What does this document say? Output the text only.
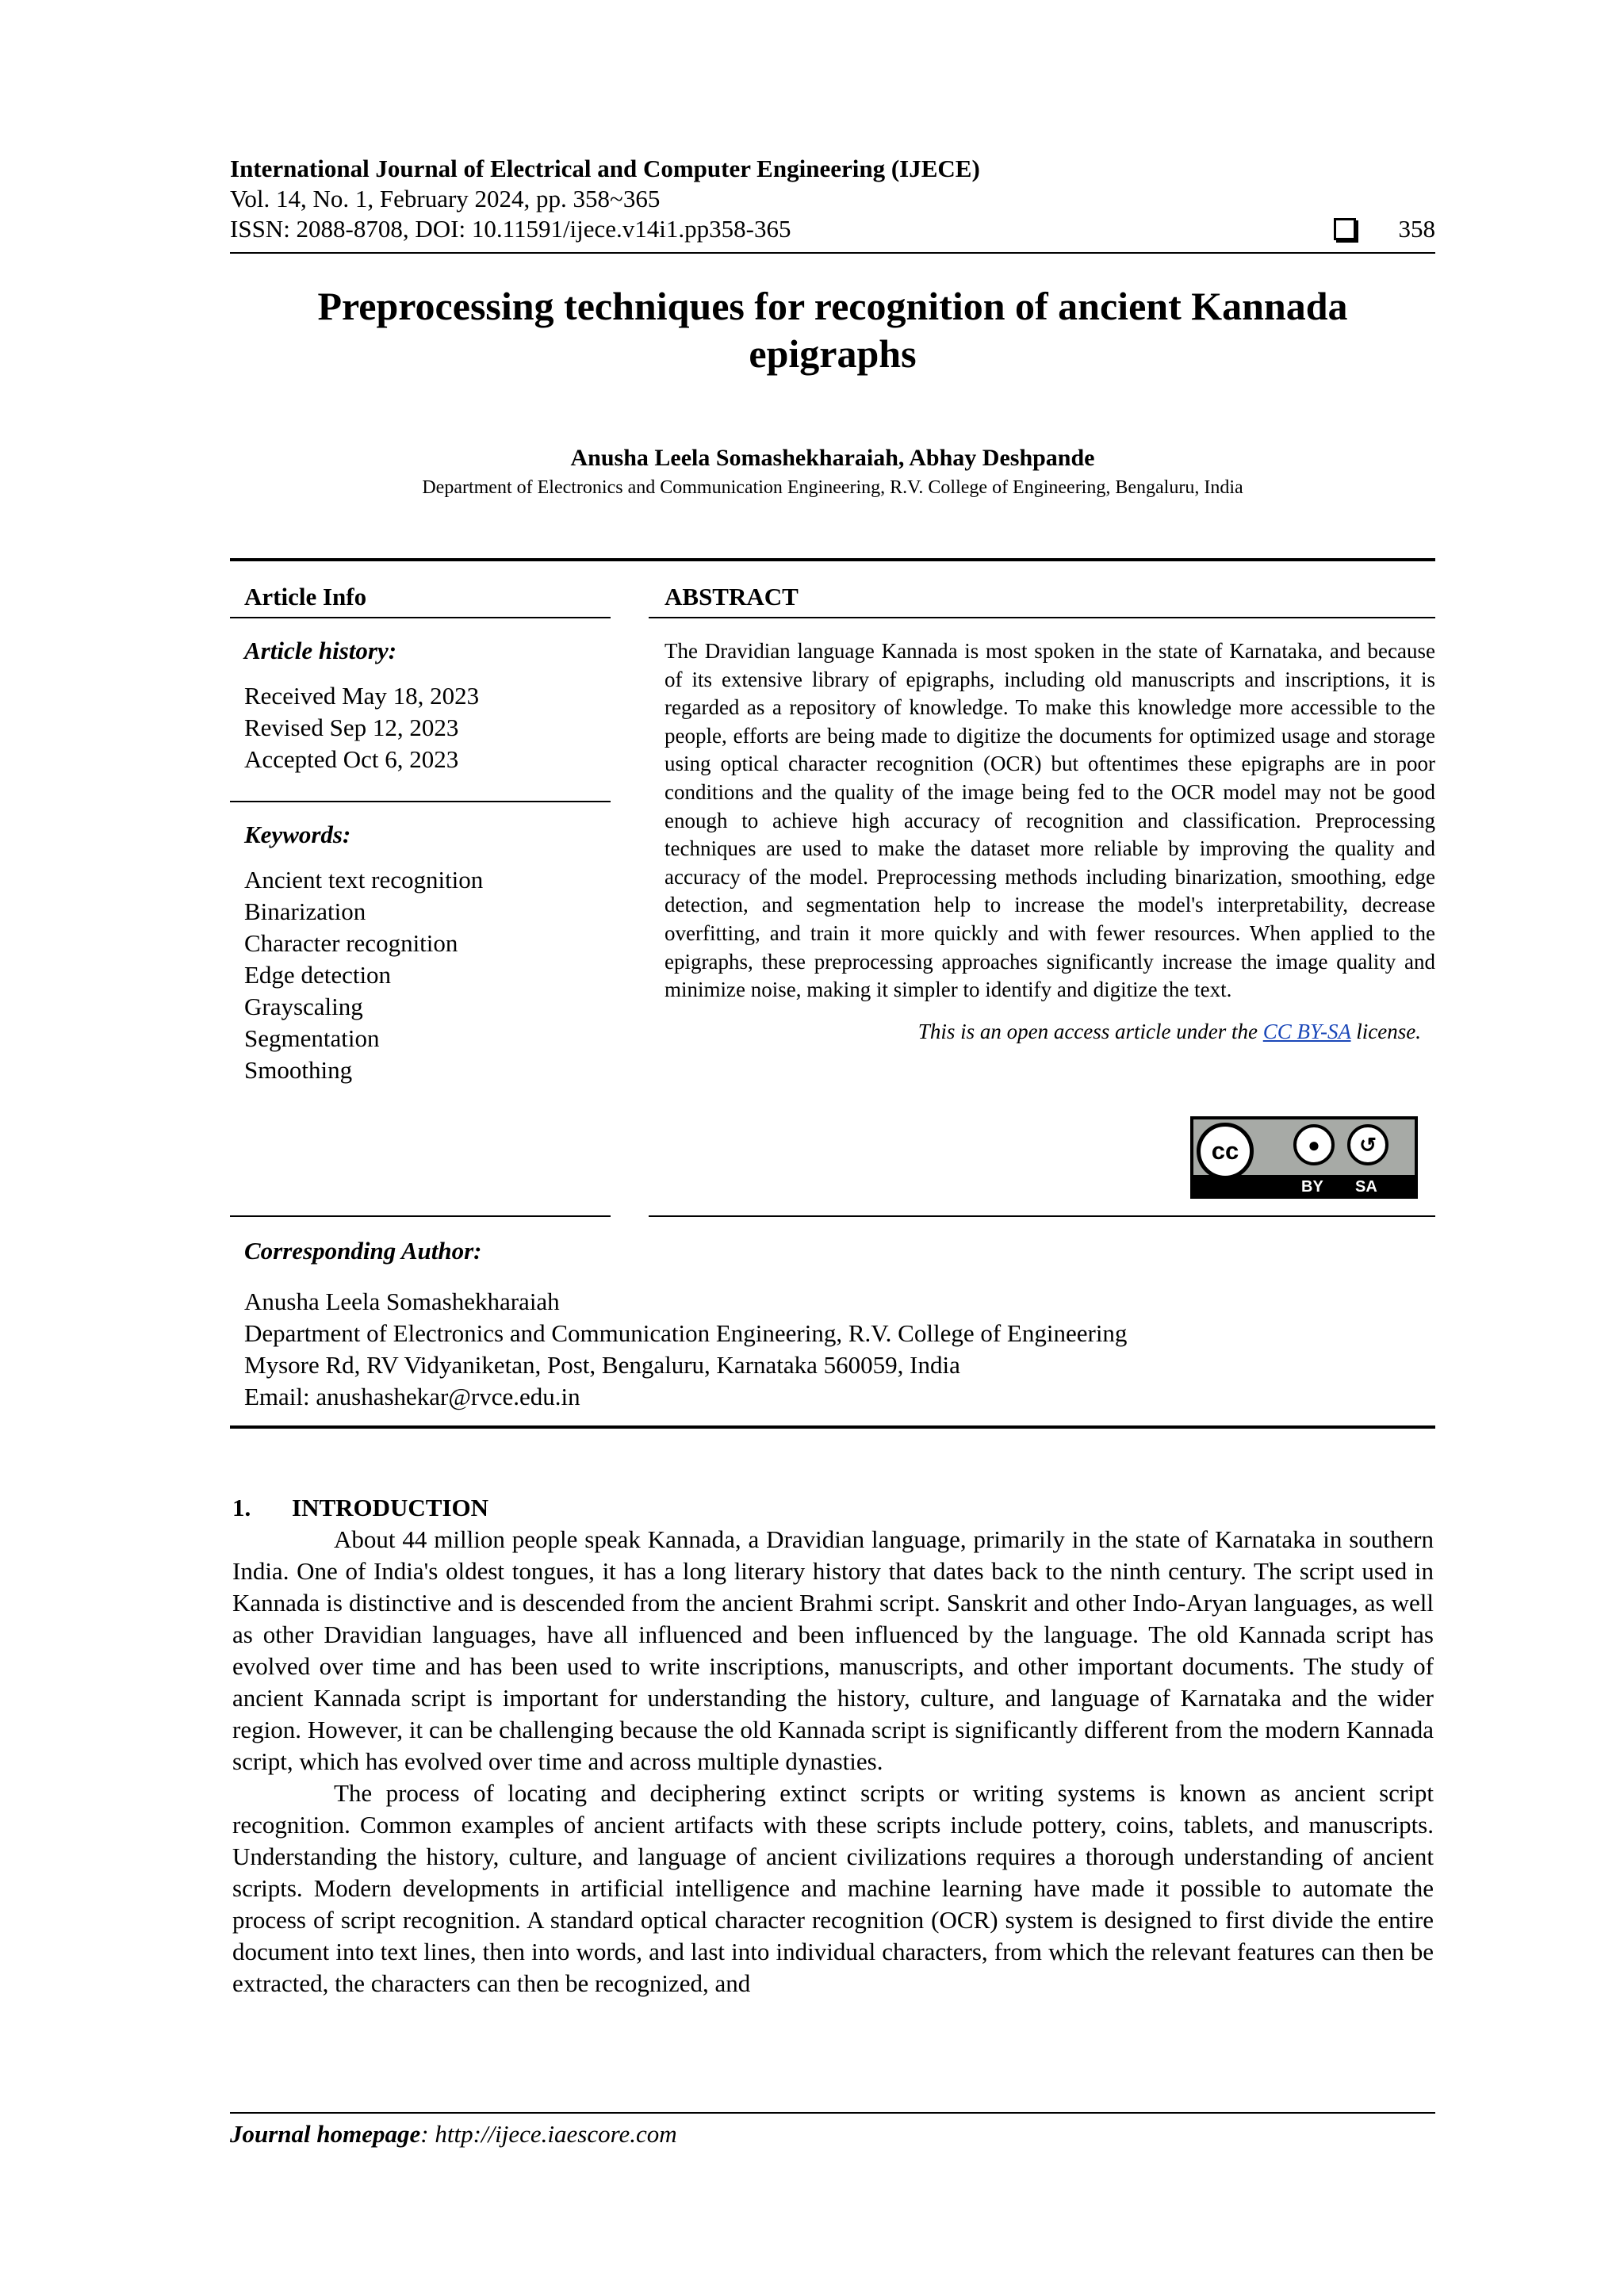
International Journal of Electrical and Computer Engineering (IJECE)
Vol. 14, No. 1, February 2024, pp. 358~365
ISSN: 2088-8708, DOI: 10.11591/ijece.v14i1.pp358-365	358
Preprocessing techniques for recognition of ancient Kannada epigraphs
Anusha Leela Somashekharaiah, Abhay Deshpande
Department of Electronics and Communication Engineering, R.V. College of Engineering, Bengaluru, India
Article Info
Article history:
Received May 18, 2023
Revised Sep 12, 2023
Accepted Oct 6, 2023
Keywords:
Ancient text recognition
Binarization
Character recognition
Edge detection
Grayscaling
Segmentation
Smoothing
ABSTRACT
The Dravidian language Kannada is most spoken in the state of Karnataka, and because of its extensive library of epigraphs, including old manuscripts and inscriptions, it is regarded as a repository of knowledge. To make this knowledge more accessible to the people, efforts are being made to digitize the documents for optimized usage and storage using optical character recognition (OCR) but oftentimes these epigraphs are in poor conditions and the quality of the image being fed to the OCR model may not be good enough to achieve high accuracy of recognition and classification. Preprocessing techniques are used to make the dataset more reliable by improving the quality and accuracy of the model. Preprocessing methods including binarization, smoothing, edge detection, and segmentation help to increase the model's interpretability, decrease overfitting, and train it more quickly and with fewer resources. When applied to the epigraphs, these preprocessing approaches significantly increase the image quality and minimize noise, making it simpler to identify and digitize the text.
This is an open access article under the CC BY-SA license.
cc	●	↺
BY SA
Corresponding Author:
Anusha Leela Somashekharaiah
Department of Electronics and Communication Engineering, R.V. College of Engineering
Mysore Rd, RV Vidyaniketan, Post, Bengaluru, Karnataka 560059, India
Email: anushashekar@rvce.edu.in
1. INTRODUCTION

About 44 million people speak Kannada, a Dravidian language, primarily in the state of Karnataka in southern India. One of India's oldest tongues, it has a long literary history that dates back to the ninth century. The script used in Kannada is distinctive and is descended from the ancient Brahmi script. Sanskrit and other Indo-Aryan languages, as well as other Dravidian languages, have all influenced and been influenced by the language. The old Kannada script has evolved over time and has been used to write inscriptions, manuscripts, and other important documents. The study of ancient Kannada script is important for understanding the history, culture, and language of Karnataka and the wider region. However, it can be challenging because the old Kannada script is significantly different from the modern Kannada script, which has evolved over time and across multiple dynasties.

The process of locating and deciphering extinct scripts or writing systems is known as ancient script recognition. Common examples of ancient artifacts with these scripts include pottery, coins, tablets, and manuscripts. Understanding the history, culture, and language of ancient civilizations requires a thorough understanding of ancient scripts. Modern developments in artificial intelligence and machine learning have made it possible to automate the process of script recognition. A standard optical character recognition (OCR) system is designed to first divide the entire document into text lines, then into words, and last into individual characters, from which the relevant features can then be extracted, the characters can then be recognized, and

Journal homepage: http://ijece.iaescore.com
